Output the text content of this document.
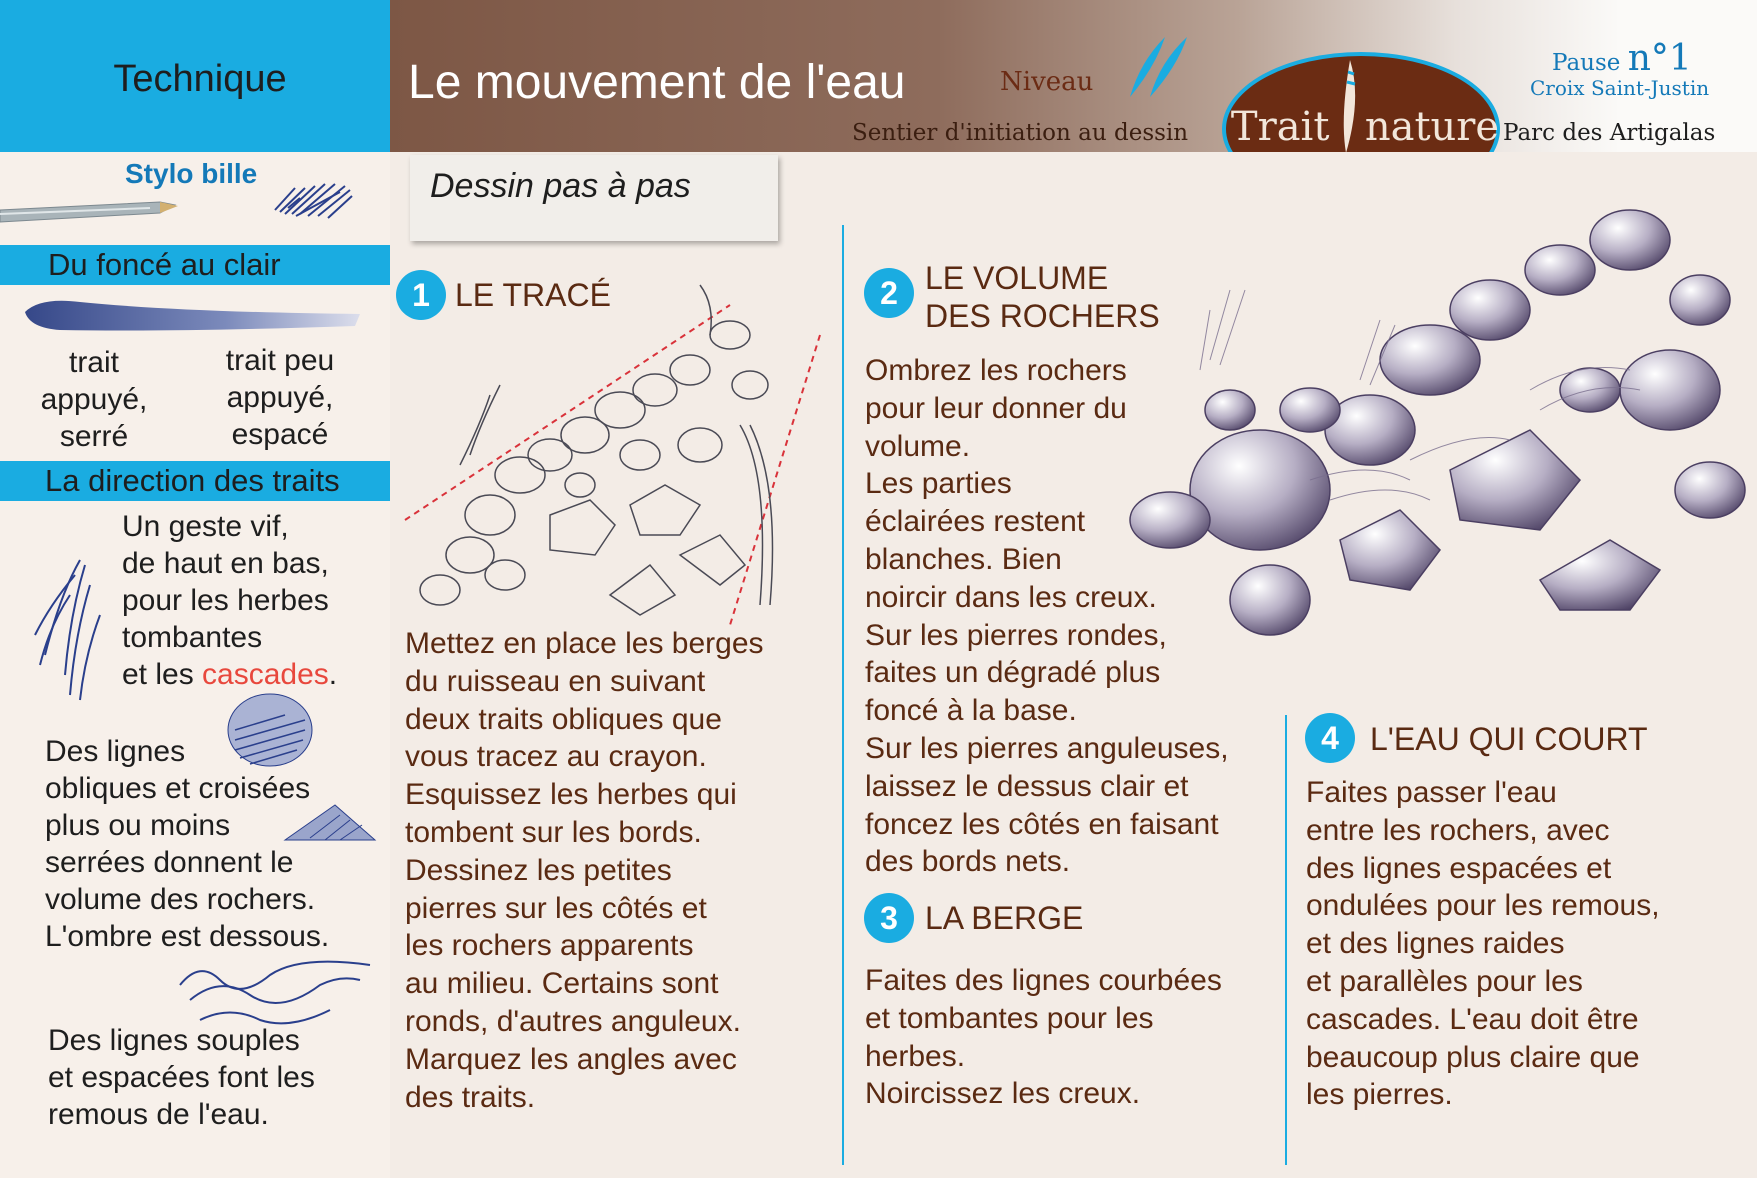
Technique
Stylo bille
Du foncé au clair
trait
appuyé,
serré
trait peu
appuyé,
espacé
La direction des traits
Un geste vif,
de haut en bas,
pour les herbes
tombantes
et les cascades.
Des lignes
obliques et croisées
plus ou moins
serrées donnent le
volume des rochers.
L'ombre est dessous.
Des lignes souples
et espacées font les
remous de l'eau.
Le mouvement de l'eau	Niveau
Sentier d'initiation au dessin
Pause n°1
Croix Saint-Justin
Parc des Artigalas
Trait nature
Dessin pas à pas
1 LE TRACÉ	2 LE VOLUME
DES ROCHERS
3 LA BERGE
4 L'EAU QUI COURT
Mettez en place les berges
du ruisseau en suivant
deux traits obliques que
vous tracez au crayon.
Esquissez les herbes qui
tombent sur les bords.
Dessinez les petites
pierres sur les côtés et
les rochers apparents
au milieu. Certains sont
ronds, d'autres anguleux.
Marquez les angles avec
des traits.
Ombrez les rochers
pour leur donner du
volume.
Les parties
éclairées restent
blanches. Bien
noircir dans les creux.
Sur les pierres rondes,
faites un dégradé plus
foncé à la base.
Sur les pierres anguleuses,
laissez le dessus clair et
foncez les côtés en faisant
des bords nets.
Faites des lignes courbées
et tombantes pour les
herbes.
Noircissez les creux.
Faites passer l'eau
entre les rochers, avec
des lignes espacées et
ondulées pour les remous,
et des lignes raides
et parallèles pour les
cascades. L'eau doit être
beaucoup plus claire que
les pierres.
